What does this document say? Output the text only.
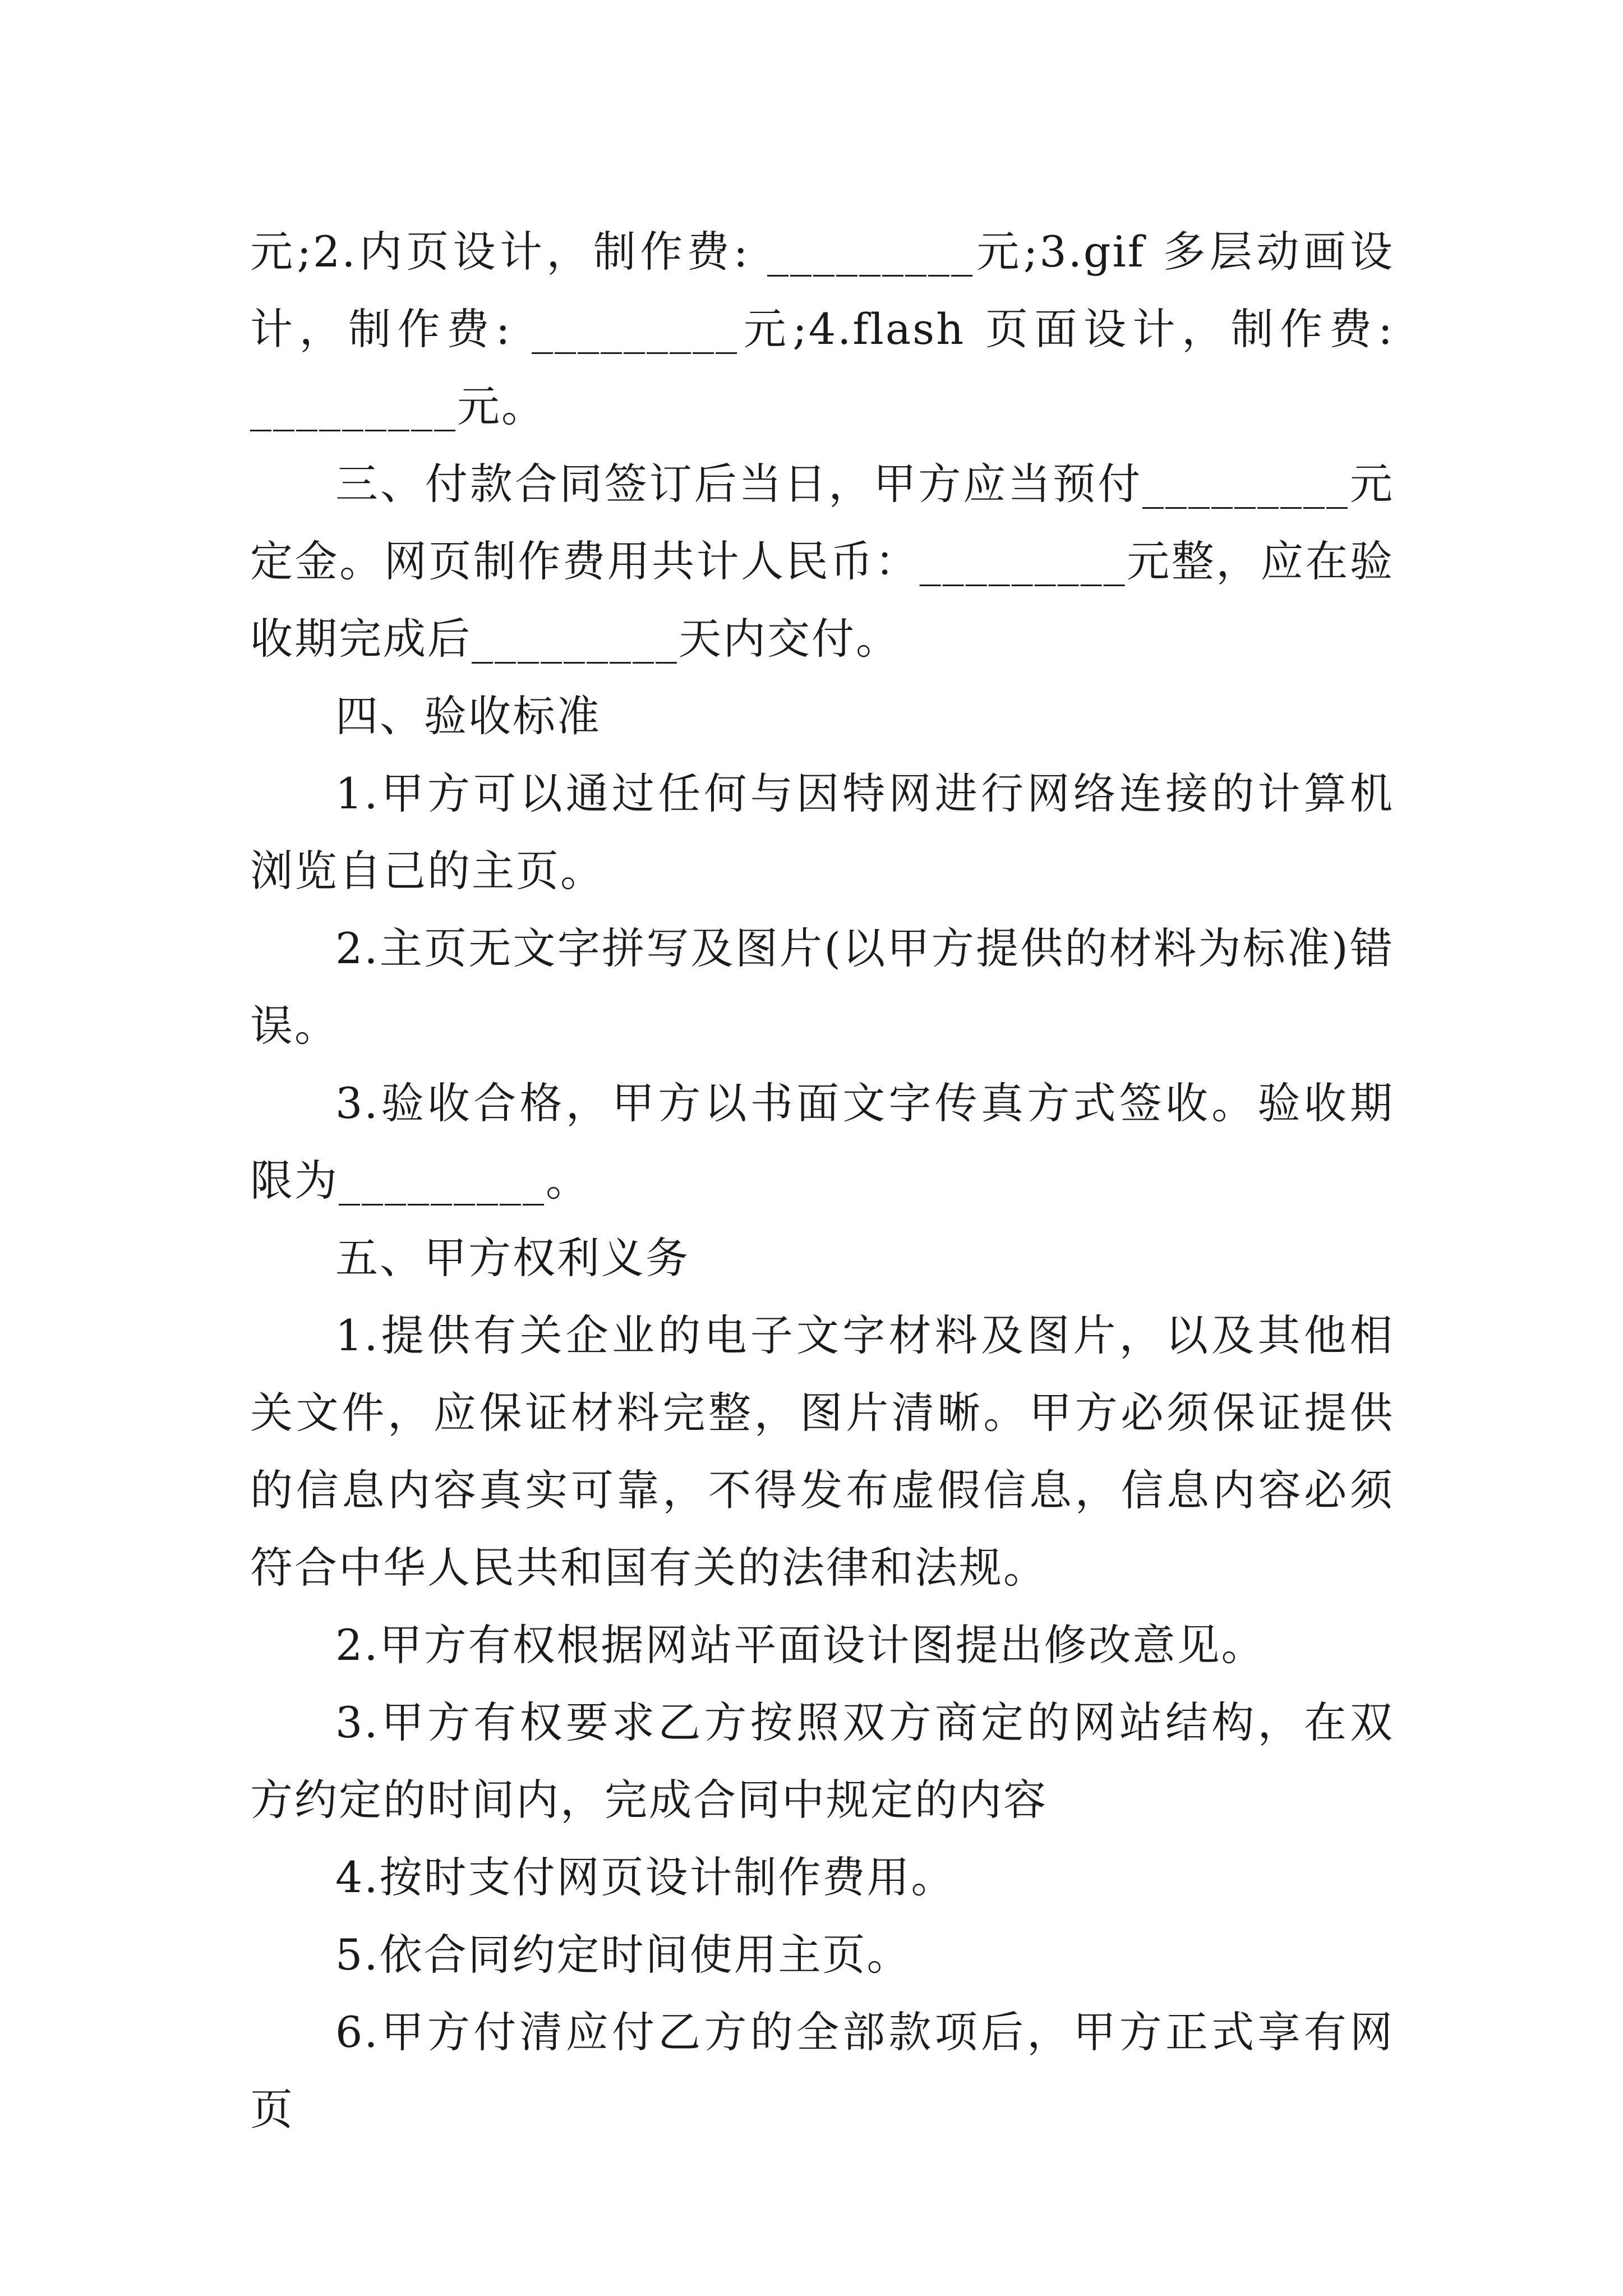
元;2.内页设计，制作费: _________元;3.gif 多层动画设计，制作费: _________元;4.flash 页面设计，制作费: _________元。

三、付款合同签订后当日，甲方应当预付_________元定金。网页制作费用共计人民币：_________元整，应在验收期完成后_________天内交付。

四、验收标准

1.甲方可以通过任何与因特网进行网络连接的计算机浏览自己的主页。

2.主页无文字拼写及图片(以甲方提供的材料为标准)错误。

3.验收合格，甲方以书面文字传真方式签收。验收期限为_________。

五、甲方权利义务

1.提供有关企业的电子文字材料及图片，以及其他相关文件，应保证材料完整，图片清晰。甲方必须保证提供的信息内容真实可靠，不得发布虚假信息，信息内容必须符合中华人民共和国有关的法律和法规。

2.甲方有权根据网站平面设计图提出修改意见。

3.甲方有权要求乙方按照双方商定的网站结构，在双方约定的时间内，完成合同中规定的内容

4.按时支付网页设计制作费用。

5.依合同约定时间使用主页。

6.甲方付清应付乙方的全部款项后，甲方正式享有网页
